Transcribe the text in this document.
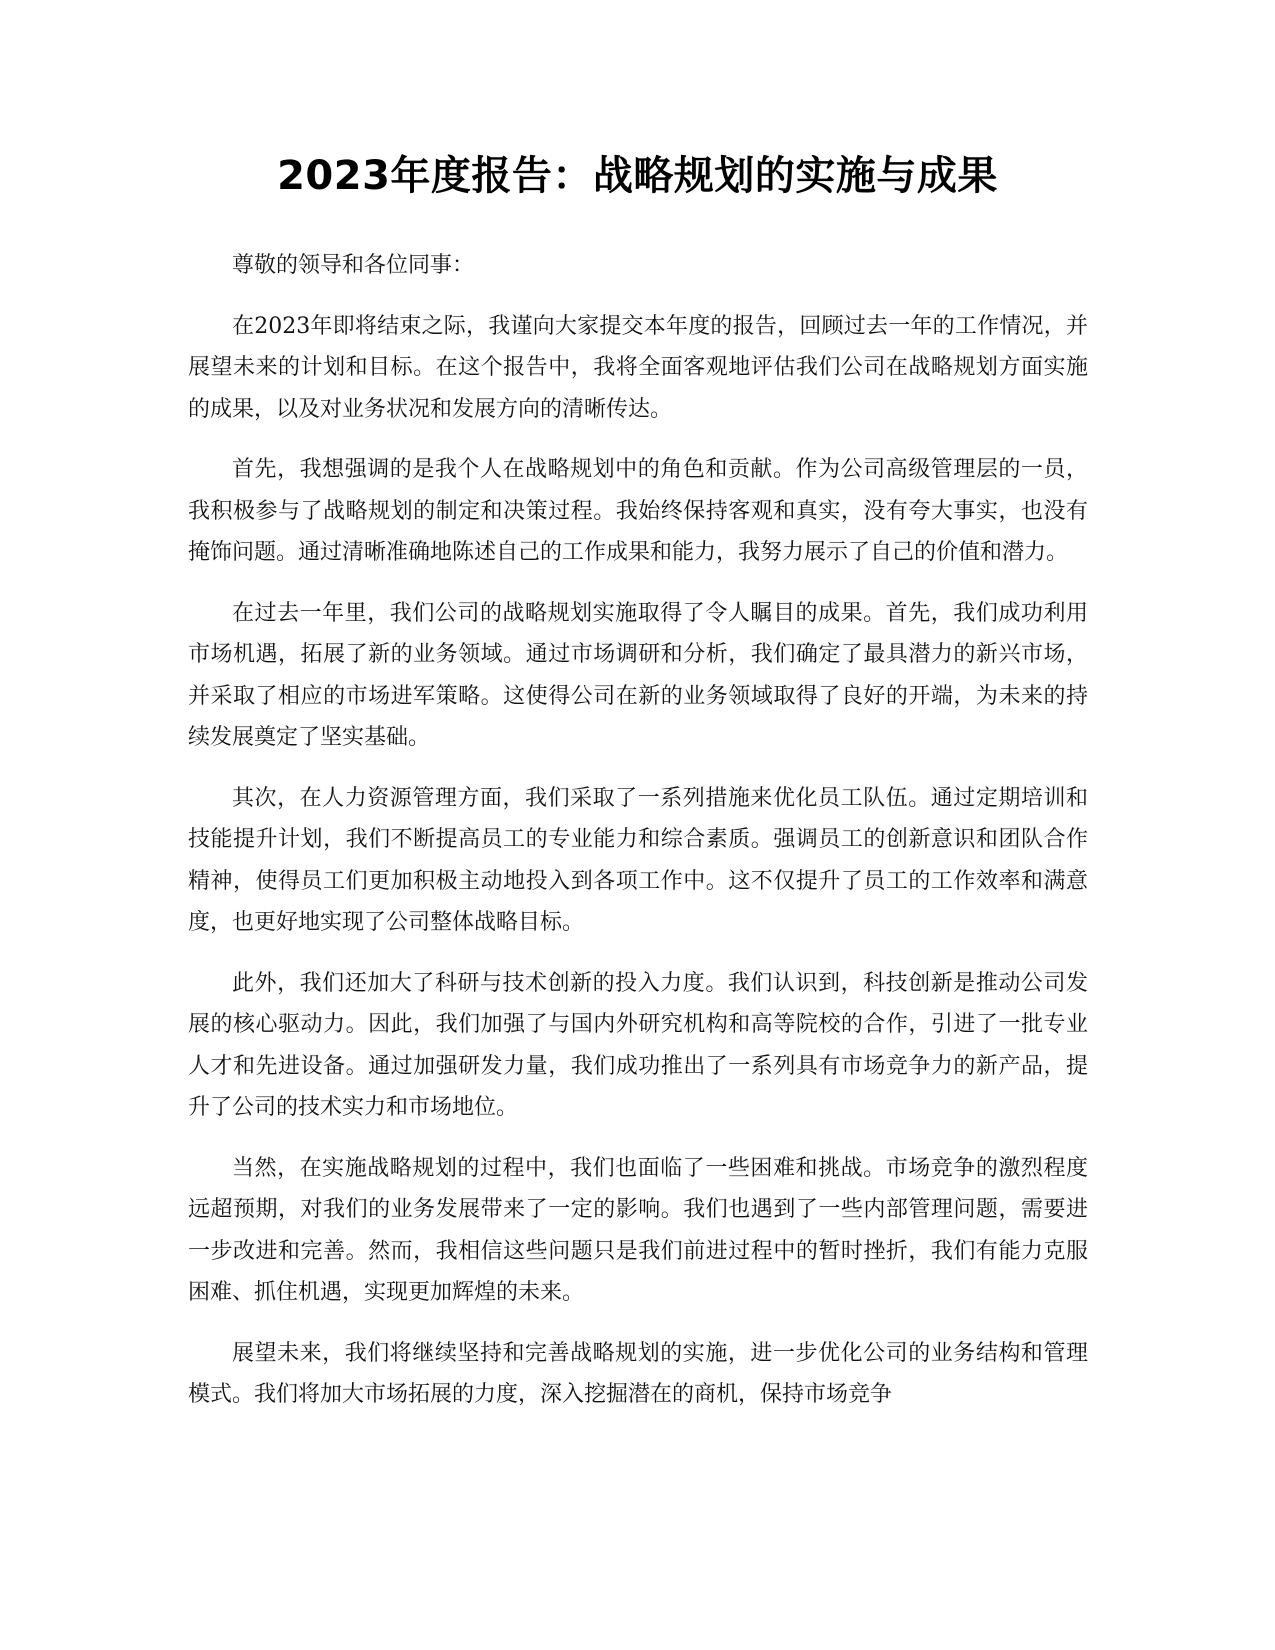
2023年度报告：战略规划的实施与成果

尊敬的领导和各位同事：

在2023年即将结束之际，我谨向大家提交本年度的报告，回顾过去一年的工作情况，并展望未来的计划和目标。在这个报告中，我将全面客观地评估我们公司在战略规划方面实施的成果，以及对业务状况和发展方向的清晰传达。

首先，我想强调的是我个人在战略规划中的角色和贡献。作为公司高级管理层的一员，我积极参与了战略规划的制定和决策过程。我始终保持客观和真实，没有夸大事实，也没有掩饰问题。通过清晰准确地陈述自己的工作成果和能力，我努力展示了自己的价值和潜力。

在过去一年里，我们公司的战略规划实施取得了令人瞩目的成果。首先，我们成功利用市场机遇，拓展了新的业务领域。通过市场调研和分析，我们确定了最具潜力的新兴市场，并采取了相应的市场进军策略。这使得公司在新的业务领域取得了良好的开端，为未来的持续发展奠定了坚实基础。

其次，在人力资源管理方面，我们采取了一系列措施来优化员工队伍。通过定期培训和技能提升计划，我们不断提高员工的专业能力和综合素质。强调员工的创新意识和团队合作精神，使得员工们更加积极主动地投入到各项工作中。这不仅提升了员工的工作效率和满意度，也更好地实现了公司整体战略目标。

此外，我们还加大了科研与技术创新的投入力度。我们认识到，科技创新是推动公司发展的核心驱动力。因此，我们加强了与国内外研究机构和高等院校的合作，引进了一批专业人才和先进设备。通过加强研发力量，我们成功推出了一系列具有市场竞争力的新产品，提升了公司的技术实力和市场地位。

当然，在实施战略规划的过程中，我们也面临了一些困难和挑战。市场竞争的激烈程度远超预期，对我们的业务发展带来了一定的影响。我们也遇到了一些内部管理问题，需要进一步改进和完善。然而，我相信这些问题只是我们前进过程中的暂时挫折，我们有能力克服困难、抓住机遇，实现更加辉煌的未来。

展望未来，我们将继续坚持和完善战略规划的实施，进一步优化公司的业务结构和管理模式。我们将加大市场拓展的力度，深入挖掘潜在的商机，保持市场竞争
